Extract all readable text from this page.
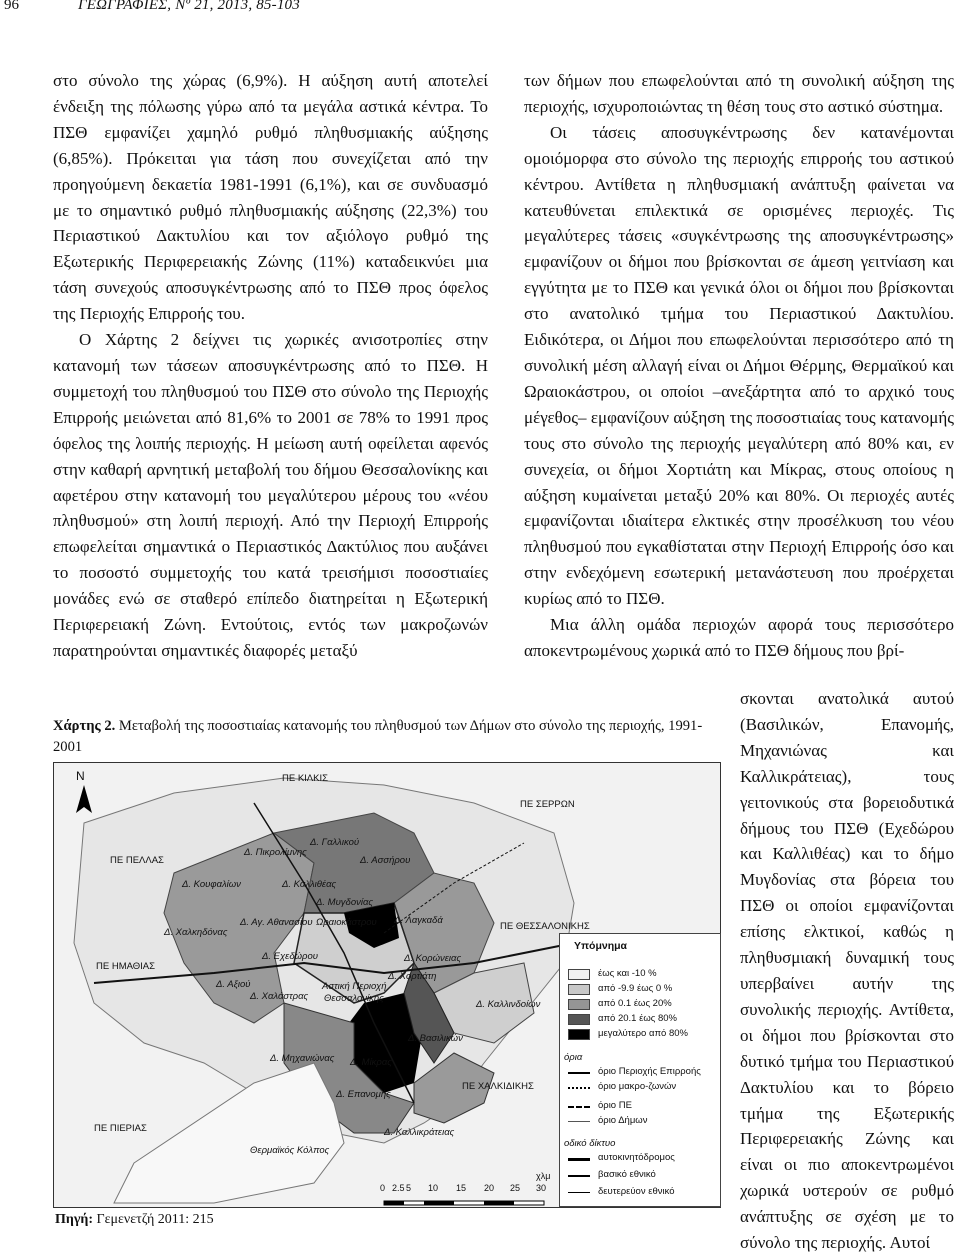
96	ΓΕΩΓΡΑΦΙΕΣ, Νº 21, 2013, 85-103

στο σύνολο της χώρας (6,9%). Η αύξηση αυτή αποτελεί ένδειξη της πόλωσης γύρω από τα μεγάλα αστικά κέντρα. Το ΠΣΘ εμφανίζει χαμηλό ρυθμό πληθυσμιακής αύξησης (6,85%). Πρόκειται για τάση που συνεχίζεται από την προηγούμενη δεκαετία 1981-1991 (6,1%), και σε συνδυασμό με το σημαντικό ρυθμό πληθυσμιακής αύξησης (22,3%) του Περιαστικού Δακτυλίου και τον αξιόλογο ρυθμό της Εξωτερικής Περιφερειακής Ζώνης (11%) καταδεικνύει μια τάση συνεχούς αποσυγκέντρωσης από το ΠΣΘ προς όφελος της Περιοχής Επιρροής του.

Ο Χάρτης 2 δείχνει τις χωρικές ανισοτροπίες στην κατανομή των τάσεων αποσυγκέντρωσης από το ΠΣΘ. Η συμμετοχή του πληθυσμού του ΠΣΘ στο σύνολο της Περιοχής Επιρροής μειώνεται από 81,6% το 2001 σε 78% το 1991 προς όφελος της λοιπής περιοχής. Η μείωση αυτή οφείλεται αφενός στην καθαρή αρνητική μεταβολή του δήμου Θεσσαλονίκης και αφετέρου στην κατανομή του μεγαλύτερου μέρους του «νέου πληθυσμού» στη λοιπή περιοχή. Από την Περιοχή Επιρροής επωφελείται σημαντικά ο Περιαστικός Δακτύλιος που αυξάνει το ποσοστό συμμετοχής του κατά τρεισήμισι ποσοστιαίες μονάδες ενώ σε σταθερό επίπεδο διατηρείται η Εξωτερική Περιφερειακή Ζώνη. Εντούτοις, εντός των μακροζωνών παρατηρούνται σημαντικές διαφορές μεταξύ

των δήμων που επωφελούνται από τη συνολική αύξηση της περιοχής, ισχυροποιώντας τη θέση τους στο αστικό σύστημα.

Οι τάσεις αποσυγκέντρωσης δεν κατανέμονται ομοιόμορφα στο σύνολο της περιοχής επιρροής του αστικού κέντρου. Αντίθετα η πληθυσμιακή ανάπτυξη φαίνεται να κατευθύνεται επιλεκτικά σε ορισμένες περιοχές. Τις μεγαλύτερες τάσεις «συγκέντρωσης της αποσυγκέντρωσης» εμφανίζουν οι δήμοι που βρίσκονται σε άμεση γειτνίαση και εγγύτητα με το ΠΣΘ και γενικά όλοι οι δήμοι που βρίσκονται στο ανατολικό τμήμα του Περιαστικού Δακτυλίου. Ειδικότερα, οι Δήμοι που επωφελούνται περισσότερο από τη συνολική μέση αλλαγή είναι οι Δήμοι Θέρμης, Θερμαϊκού και Ωραιοκάστρου, οι οποίοι –ανεξάρτητα από το αρχικό τους μέγεθος– εμφανίζουν αύξηση της ποσοστιαίας τους κατανομής τους στο σύνολο της περιοχής μεγαλύτερη από 80% και, εν συνεχεία, οι δήμοι Χορτιάτη και Μίκρας, στους οποίους η αύξηση κυμαίνεται μεταξύ 20% και 80%. Οι περιοχές αυτές εμφανίζονται ιδιαίτερα ελκτικές στην προσέλκυση του νέου πληθυσμού που εγκαθίσταται στην Περιοχή Επιρροής όσο και στην ενδεχόμενη εσωτερική μετανάστευση που προέρχεται κυρίως από το ΠΣΘ.

Μια άλλη ομάδα περιοχών αφορά τους περισσότερο αποκεντρωμένους χωρικά από το ΠΣΘ δήμους που βρί-

σκονται ανατολικά αυτού (Βασιλικών, Επανομής, Μηχανιώνας και Καλλικράτειας), τους γειτονικούς στα βορειοδυτικά δήμους του ΠΣΘ (Εχεδώρου και Καλλιθέας) και το δήμο Μυγδονίας στα βόρεια του ΠΣΘ οι οποίοι εμφανίζονται επίσης ελκτικοί, καθώς η πληθυσμιακή δυναμική τους υπερβαίνει αυτήν της συνολικής περιοχής. Αντίθετα, οι δήμοι που βρίσκονται στο δυτικό τμήμα του Περιαστικού Δακτυλίου και το βόρειο τμήμα της Εξωτερικής Περιφερειακής Ζώνης και είναι οι πιο αποκεντρωμένοι χωρικά υστερούν σε ρυθμό ανάπτυξης σε σχέση με το σύνολο της περιοχής. Αυτοί

Χάρτης 2. Μεταβολή της ποσοστιαίας κατανομής του πληθυσμού των Δήμων στο σύνολο της περιοχής, 1991-2001
N	ΠΕ ΚΙΛΚΙΣ
ΠΕ ΣΕΡΡΩΝ
ΠΕ ΠΕΛΛΑΣ
ΠΕ ΗΜΑΘΙΑΣ
ΠΕ ΠΙΕΡΙΑΣ
ΠΕ ΘΕΣΣΑΛΟΝΙΚΗΣ
ΠΕ ΧΑΛΚΙΔΙΚΗΣ
Δ. Γαλλικού
Δ. Πικρολίμνης
Δ. Ασσήρου
Δ. Κουφαλίων	Δ. Καλλιθέας
Δ. Μυγδονίας
Δ. Αγ. Αθανασίου Ωραιοκάστρου Δ. Λαγκαδά
Δ. Χαλκηδόνας
Δ. Εχεδώρου	Δ. Κορώνειας
Δ. Χορτιάτη
Δ. Αξιού
Δ. Χαλάστρας
Αστική Περιοχή
Θεσσαλονίκης
Δ. Καλλινδοίων
Δ. Βασιλικών
Δ. Μηχανιώνας Δ. Μίκρας
Δ. Επανομής
Δ. Καλλικράτειας
Θερμαϊκός Κόλπος
0 2.5 5 10 15 20 25 30
χλμ
Υπόμνημα
έως και -10 %
από -9.9 έως 0 %
από 0.1 έως 20%
από 20.1 έως 80%
μεγαλύτερο από 80%
όρια
όριο Περιοχής Επιρροής
όριο μακρο-ζωνών
όριο ΠΕ
όριο Δήμων
οδικό δίκτυο
αυτοκινητόδρομος
βασικό εθνικό
δευτερεύον εθνικό
Πηγή: Γεμενετζή 2011: 215
